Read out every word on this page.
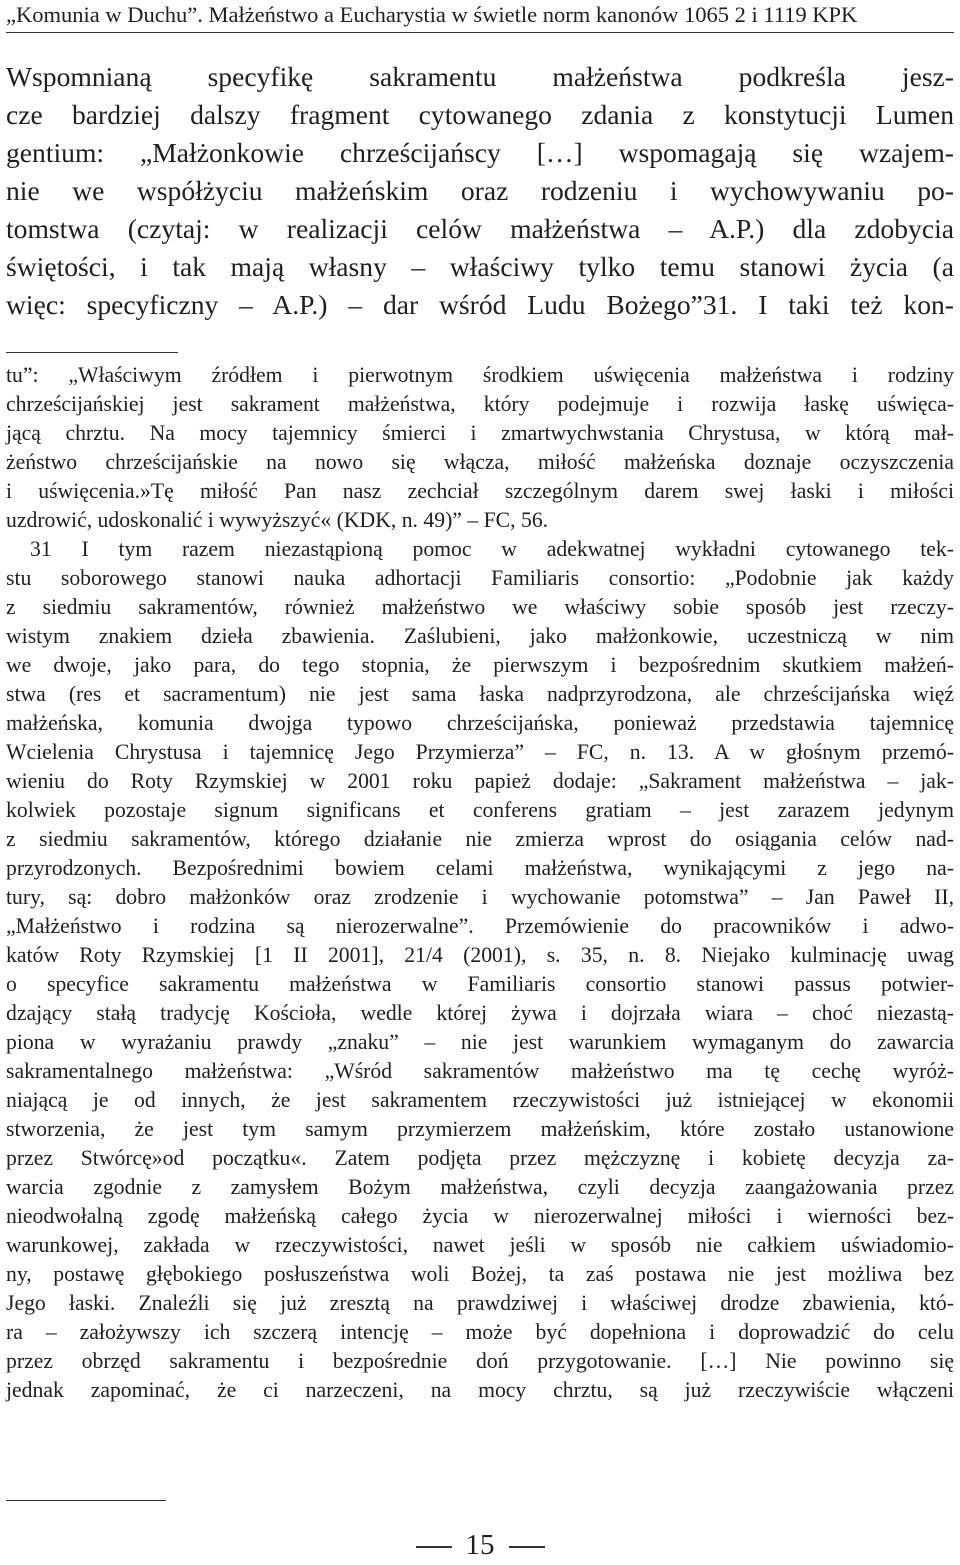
„Komunia w Duchu”. Małżeństwo a Eucharystia w świetle norm kanonów 1065 2 i 1119 KPK
Wspomnianą specyfikę sakramentu małżeństwa podkreśla jesz-
cze bardziej dalszy fragment cytowanego zdania z konstytucji Lumen
gentium: „Małżonkowie chrześcijańscy […] wspomagają się wzajem-
nie we współżyciu małżeńskim oraz rodzeniu i wychowywaniu po-
tomstwa (czytaj: w realizacji celów małżeństwa – A.P.) dla zdobycia
świętości, i tak mają własny – właściwy tylko temu stanowi życia (a
więc: specyficzny – A.P.) – dar wśród Ludu Bożego”31. I taki też kon-
tu”: „Właściwym źródłem i pierwotnym środkiem uświęcenia małżeństwa i rodziny
chrześcijańskiej jest sakrament małżeństwa, który podejmuje i rozwija łaskę uświęca-
jącą chrztu. Na mocy tajemnicy śmierci i zmartwychwstania Chrystusa, w którą mał-
żeństwo chrześcijańskie na nowo się włącza, miłość małżeńska doznaje oczyszczenia
i uświęcenia.»Tę miłość Pan nasz zechciał szczególnym darem swej łaski i miłości
uzdrowić, udoskonalić i wywyższyć« (KDK, n. 49)” – FC, 56.
31 I tym razem niezastąpioną pomoc w adekwatnej wykładni cytowanego tek-
stu soborowego stanowi nauka adhortacji Familiaris consortio: „Podobnie jak każdy
z siedmiu sakramentów, również małżeństwo we właściwy sobie sposób jest rzeczy-
wistym znakiem dzieła zbawienia. Zaślubieni, jako małżonkowie, uczestniczą w nim
we dwoje, jako para, do tego stopnia, że pierwszym i bezpośrednim skutkiem małżeń-
stwa (res et sacramentum) nie jest sama łaska nadprzyrodzona, ale chrześcijańska więź
małżeńska, komunia dwojga typowo chrześcijańska, ponieważ przedstawia tajemnicę
Wcielenia Chrystusa i tajemnicę Jego Przymierza” – FC, n. 13. A w głośnym przemó-
wieniu do Roty Rzymskiej w 2001 roku papież dodaje: „Sakrament małżeństwa – jak-
kolwiek pozostaje signum significans et conferens gratiam – jest zarazem jedynym
z siedmiu sakramentów, którego działanie nie zmierza wprost do osiągania celów nad-
przyrodzonych. Bezpośrednimi bowiem celami małżeństwa, wynikającymi z jego na-
tury, są: dobro małżonków oraz zrodzenie i wychowanie potomstwa” – Jan Paweł II,
„Małżeństwo i rodzina są nierozerwalne”. Przemówienie do pracowników i adwo-
katów Roty Rzymskiej [1 II 2001], 21/4 (2001), s. 35, n. 8. Niejako kulminację uwag
o specyfice sakramentu małżeństwa w Familiaris consortio stanowi passus potwier-
dzający stałą tradycję Kościoła, wedle której żywa i dojrzała wiara – choć niezastą-
piona w wyrażaniu prawdy „znaku” – nie jest warunkiem wymaganym do zawarcia
sakramentalnego małżeństwa: „Wśród sakramentów małżeństwo ma tę cechę wyróż-
niającą je od innych, że jest sakramentem rzeczywistości już istniejącej w ekonomii
stworzenia, że jest tym samym przymierzem małżeńskim, które zostało ustanowione
przez Stwórcę»od początku«. Zatem podjęta przez mężczyznę i kobietę decyzja za-
warcia zgodnie z zamysłem Bożym małżeństwa, czyli decyzja zaangażowania przez
nieodwołalną zgodę małżeńską całego życia w nierozerwalnej miłości i wierności bez-
warunkowej, zakłada w rzeczywistości, nawet jeśli w sposób nie całkiem uświadomio-
ny, postawę głębokiego posłuszeństwa woli Bożej, ta zaś postawa nie jest możliwa bez
Jego łaski. Znaleźli się już zresztą na prawdziwej i właściwej drodze zbawienia, któ-
ra – założywszy ich szczerą intencję – może być dopełniona i doprowadzić do celu
przez obrzęd sakramentu i bezpośrednie doń przygotowanie. […] Nie powinno się
jednak zapominać, że ci narzeczeni, na mocy chrztu, są już rzeczywiście włączeni
15
